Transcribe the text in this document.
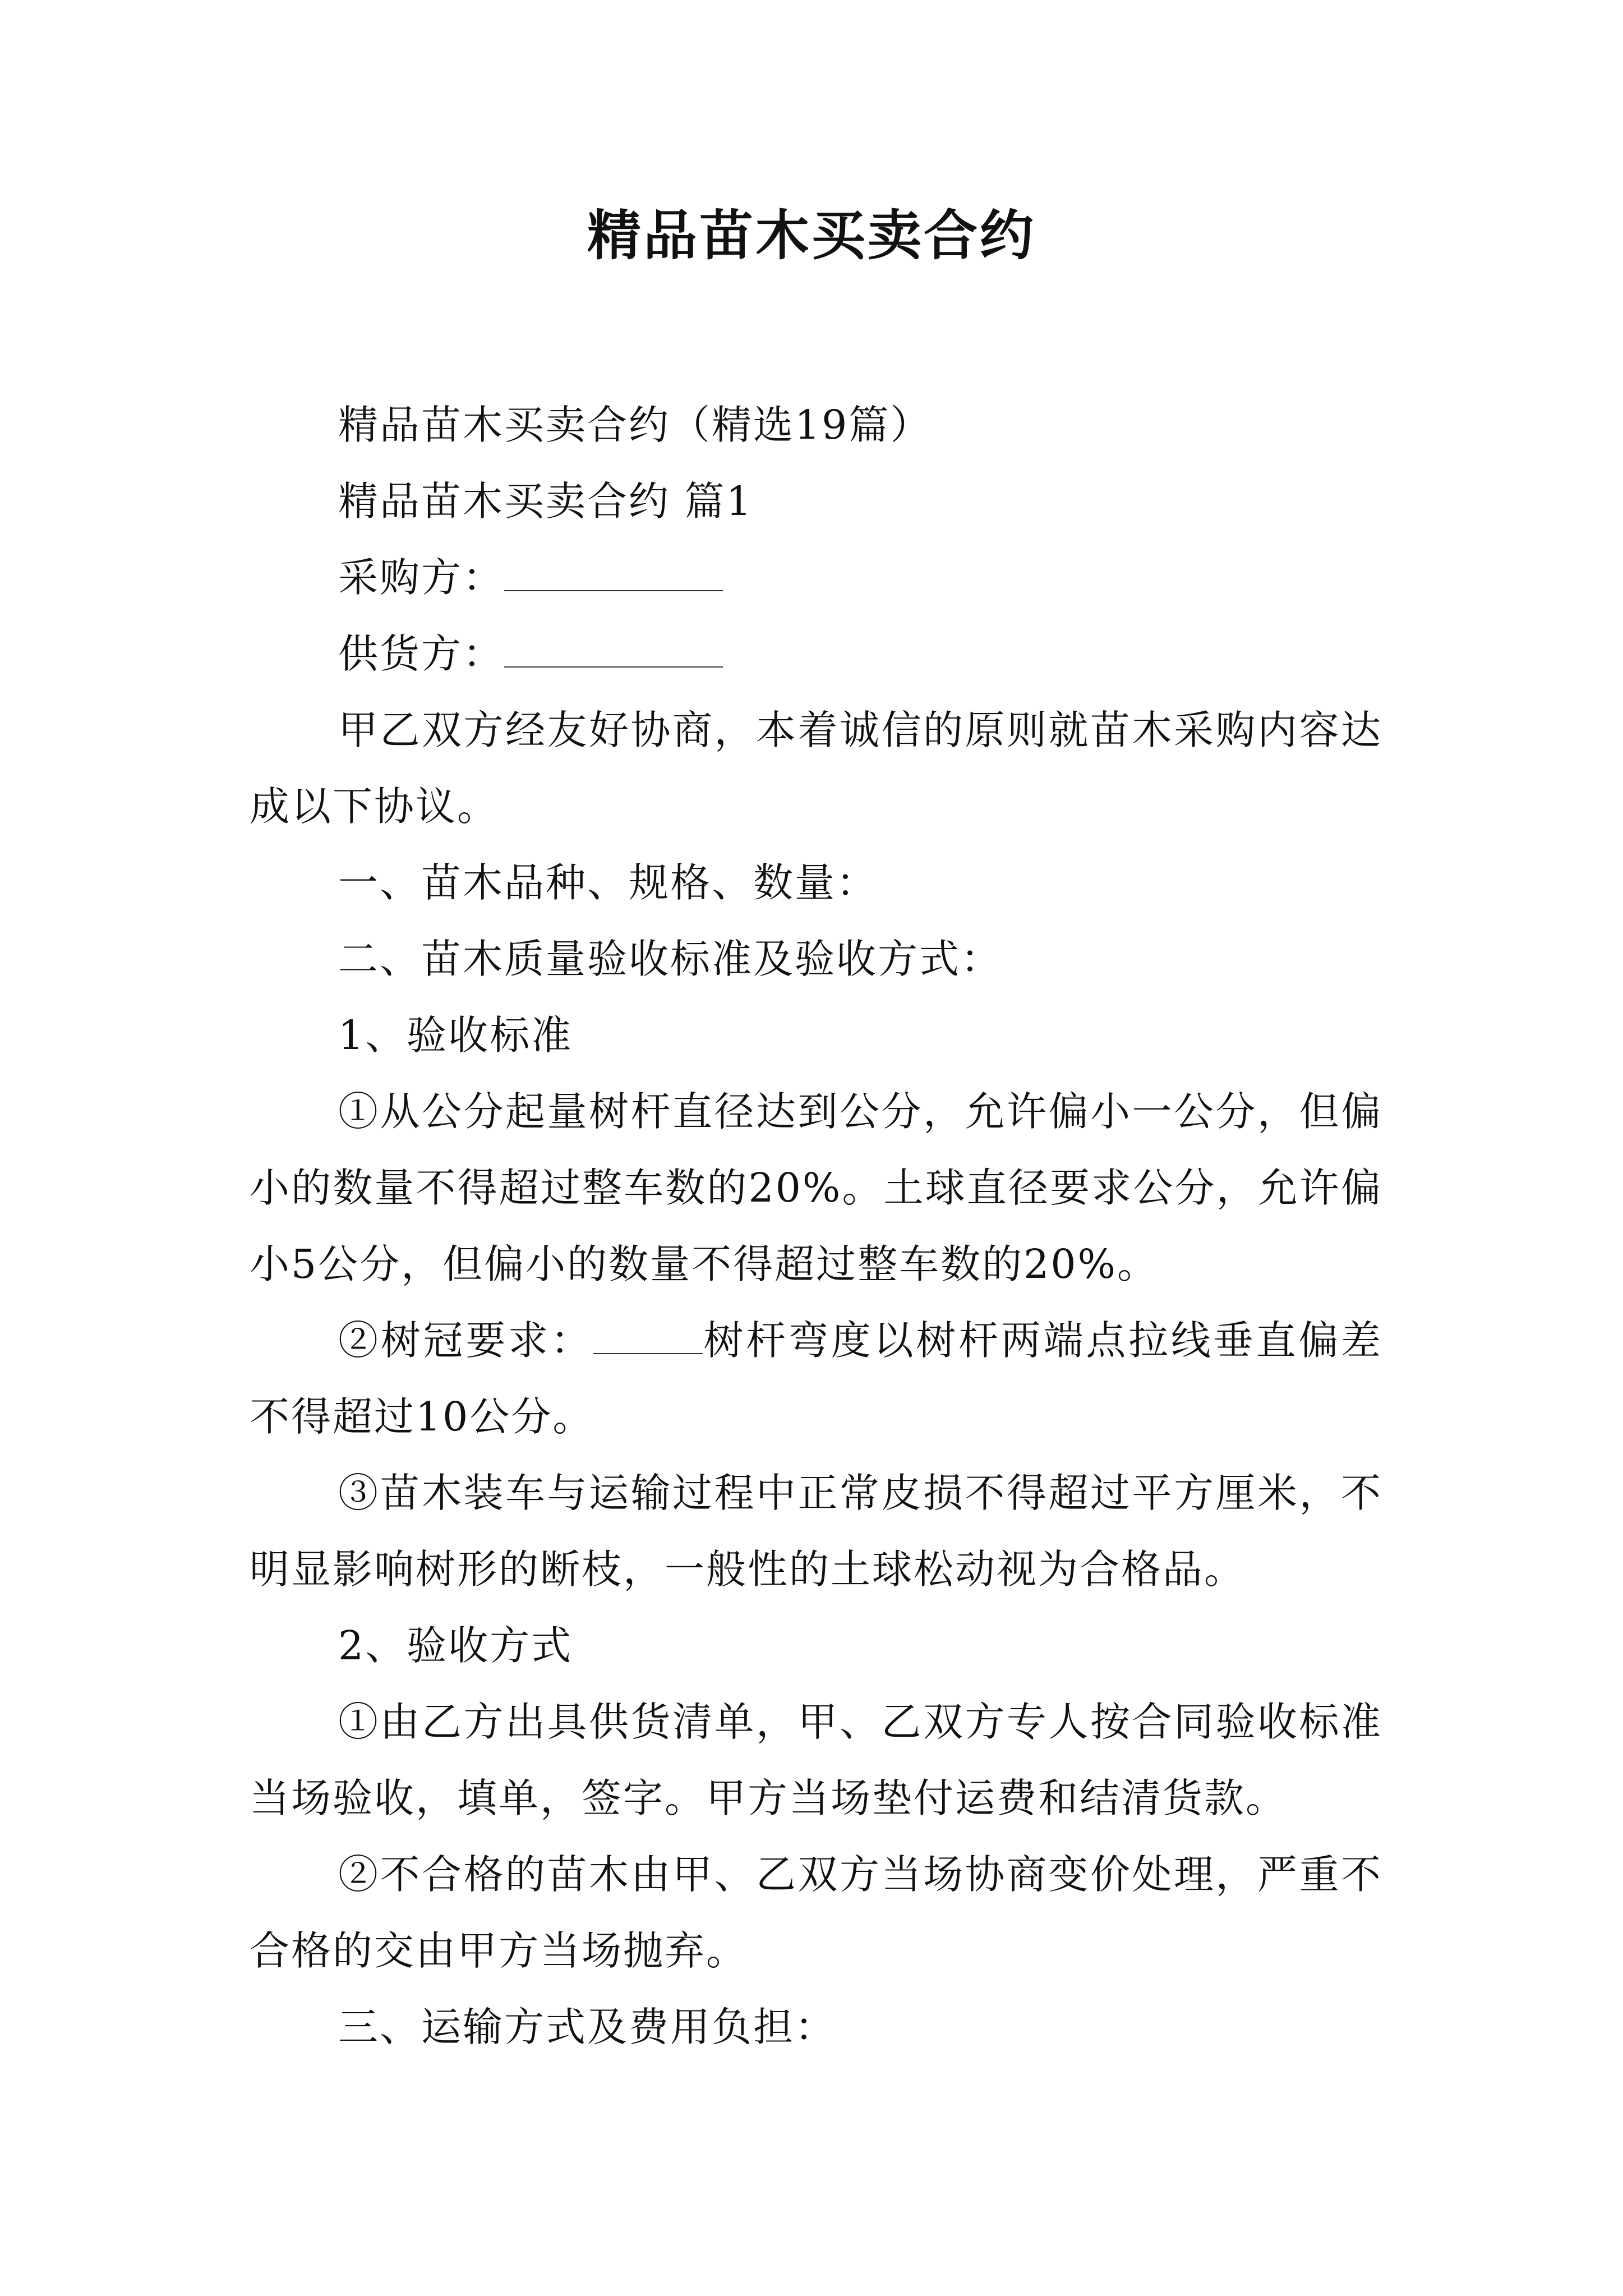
精品苗木买卖合约

精品苗木买卖合约（精选19篇）

精品苗木买卖合约 篇1

采购方：

供货方：

甲乙双方经友好协商，本着诚信的原则就苗木采购内容达成以下协议。

一、苗木品种、规格、数量：

二、苗木质量验收标准及验收方式：

1、验收标准

①从公分起量树杆直径达到公分，允许偏小一公分，但偏小的数量不得超过整车数的20%。土球直径要求公分，允许偏小5公分，但偏小的数量不得超过整车数的20%。

②树冠要求：	树杆弯度以树杆两端点拉线垂直偏差不得超过10公分。

③苗木装车与运输过程中正常皮损不得超过平方厘米，不明显影响树形的断枝，一般性的土球松动视为合格品。

2、验收方式

①由乙方出具供货清单，甲、乙双方专人按合同验收标准当场验收，填单，签字。甲方当场垫付运费和结清货款。

②不合格的苗木由甲、乙双方当场协商变价处理，严重不合格的交由甲方当场抛弃。

三、运输方式及费用负担：
